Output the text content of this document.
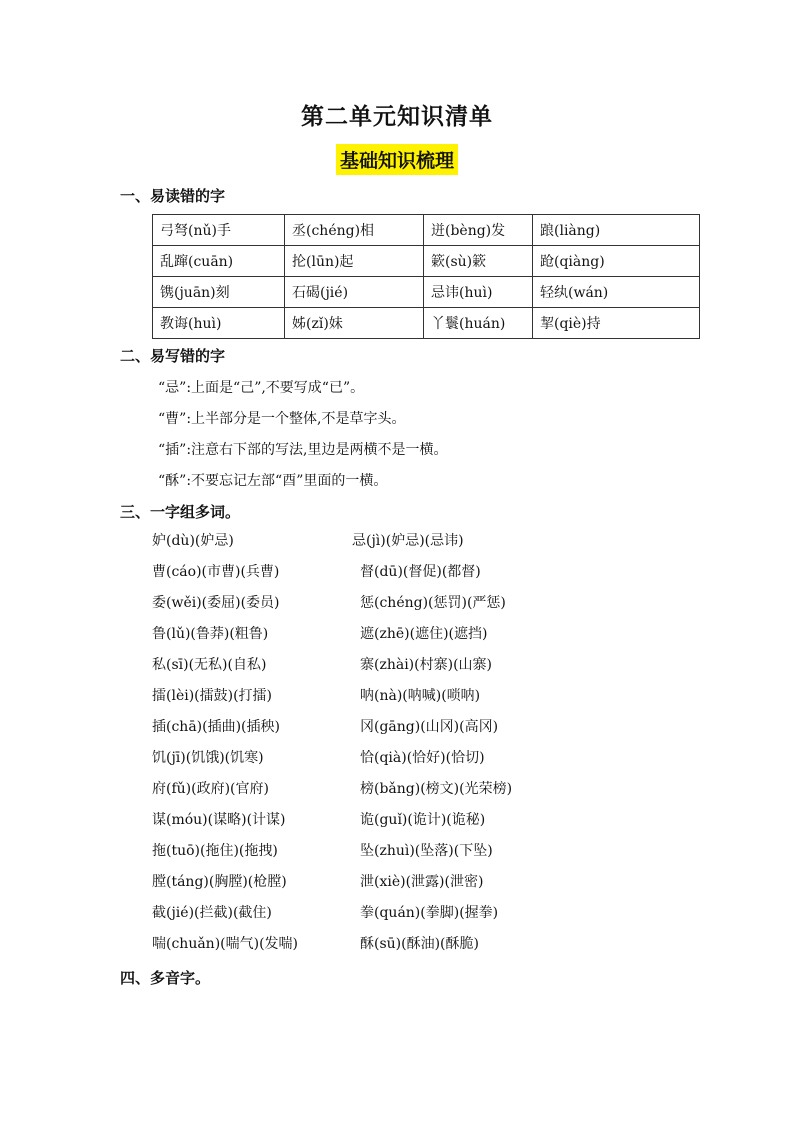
第二单元知识清单
基础知识梳理
一、易读错的字
弓弩(nǔ)手	丞(chéng)相	迸(bèng)发	踉(liàng)
乱蹿(cuān)	抡(lūn)起	簌(sù)簌	跄(qiàng)
镌(juān)刻	石碣(jié)	忌讳(huì)	轻纨(wán)
教诲(huì)	姊(zǐ)妹	丫鬟(huán)	挈(qiè)持
二、易写错的字
“忌”:上面是“己”,不要写成“已”。
“曹”:上半部分是一个整体,不是草字头。
“插”:注意右下部的写法,里边是两横不是一横。
“酥”:不要忘记左部“酉”里面的一横。
三、一字组多词。
妒(dù)(妒忌)	忌(jì)(妒忌)(忌讳)
曹(cáo)(市曹)(兵曹)	督(dū)(督促)(都督)
委(wěi)(委屈)(委员)	惩(chéng)(惩罚)(严惩)
鲁(lǔ)(鲁莽)(粗鲁)	遮(zhē)(遮住)(遮挡)
私(sī)(无私)(自私)	寨(zhài)(村寨)(山寨)
擂(lèi)(擂鼓)(打擂)	呐(nà)(呐喊)(唢呐)
插(chā)(插曲)(插秧)	冈(gāng)(山冈)(高冈)
饥(jī)(饥饿)(饥寒)	恰(qià)(恰好)(恰切)
府(fǔ)(政府)(官府)	榜(bǎng)(榜文)(光荣榜)
谋(móu)(谋略)(计谋)	诡(guǐ)(诡计)(诡秘)
拖(tuō)(拖住)(拖拽)	坠(zhuì)(坠落)(下坠)
膛(táng)(胸膛)(枪膛)	泄(xiè)(泄露)(泄密)
截(jié)(拦截)(截住)	拳(quán)(拳脚)(握拳)
喘(chuǎn)(喘气)(发喘)	酥(sū)(酥油)(酥脆)
四、多音字。
